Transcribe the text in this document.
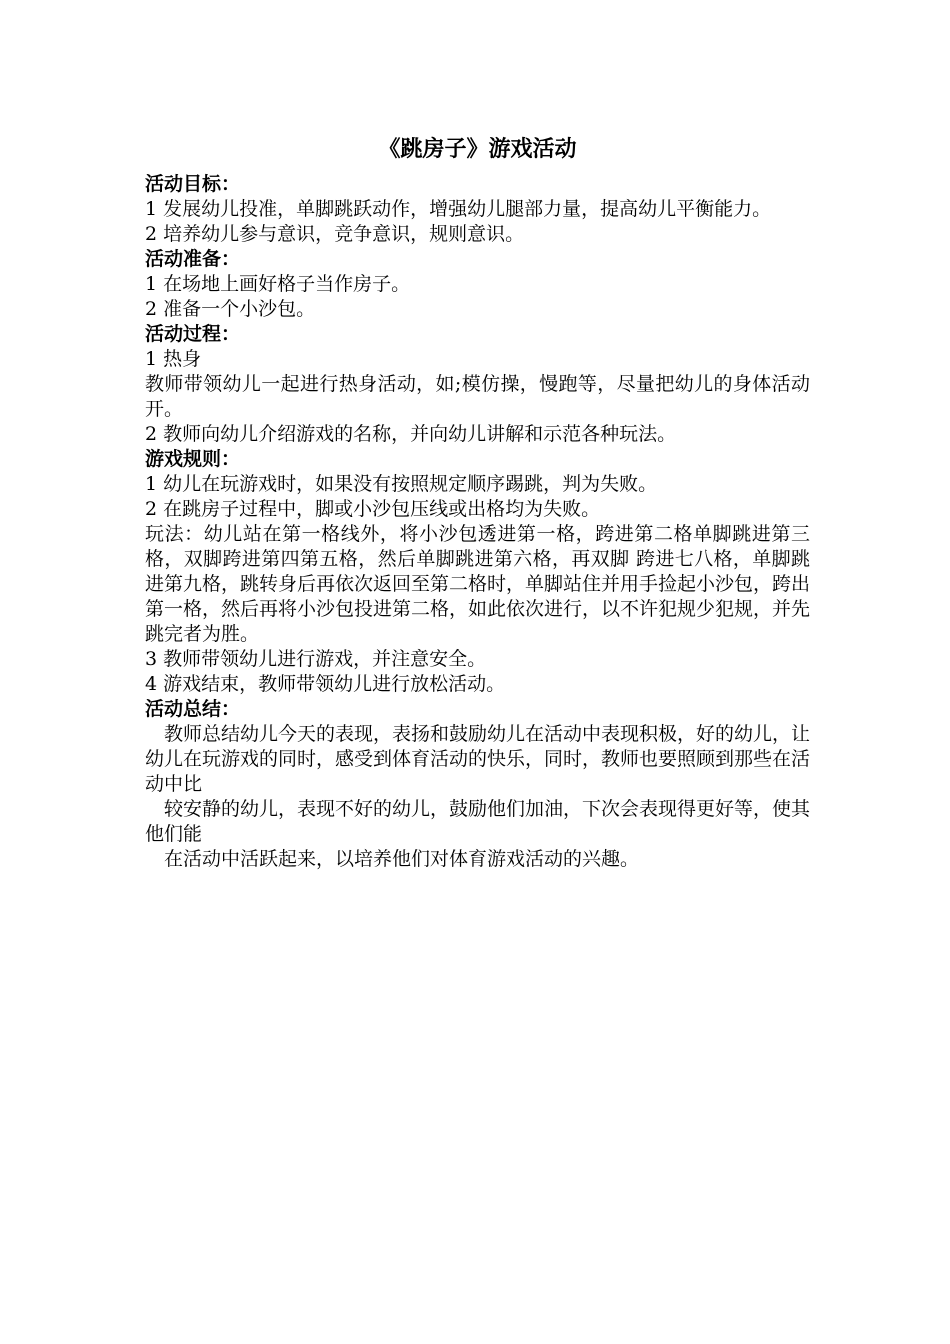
《跳房子》游戏活动

活动目标：

1 发展幼儿投准，单脚跳跃动作，增强幼儿腿部力量，提高幼儿平衡能力。

2 培养幼儿参与意识，竞争意识，规则意识。

活动准备：

1 在场地上画好格子当作房子。

2 准备一个小沙包。

活动过程：

1 热身

教师带领幼儿一起进行热身活动，如;模仿操，慢跑等，尽量把幼儿的身体活动开。

2 教师向幼儿介绍游戏的名称，并向幼儿讲解和示范各种玩法。

游戏规则：

1 幼儿在玩游戏时，如果没有按照规定顺序踢跳，判为失败。

2 在跳房子过程中，脚或小沙包压线或出格均为失败。

玩法：幼儿站在第一格线外，将小沙包透进第一格，跨进第二格单脚跳进第三格，双脚跨进第四第五格，然后单脚跳进第六格，再双脚 跨进七八格，单脚跳进第九格，跳转身后再依次返回至第二格时，单脚站住并用手捡起小沙包，跨出第一格，然后再将小沙包投进第二格，如此依次进行，以不许犯规少犯规，并先跳完者为胜。

3 教师带领幼儿进行游戏，并注意安全。

4 游戏结束，教师带领幼儿进行放松活动。

活动总结：

教师总结幼儿今天的表现，表扬和鼓励幼儿在活动中表现积极，好的幼儿，让幼儿在玩游戏的同时，感受到体育活动的快乐，同时，教师也要照顾到那些在活动中比

较安静的幼儿，表现不好的幼儿，鼓励他们加油，下次会表现得更好等，使其他们能

在活动中活跃起来，以培养他们对体育游戏活动的兴趣。
